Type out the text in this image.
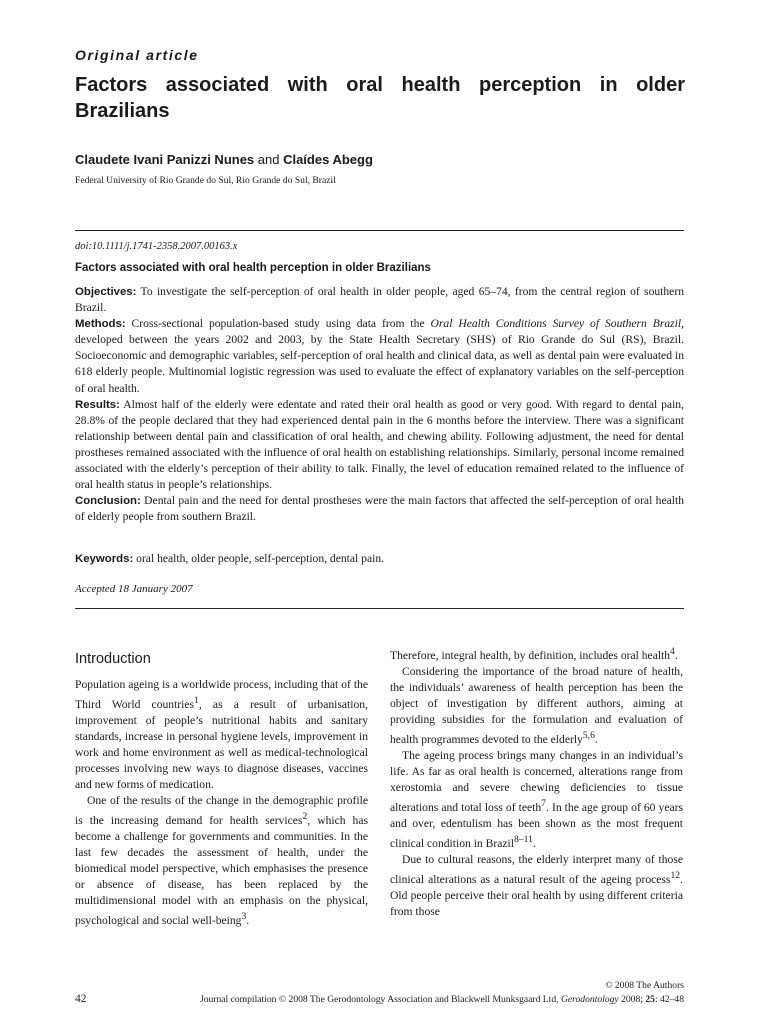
Original article
Factors associated with oral health perception in older Brazilians
Claudete Ivani Panizzi Nunes and Claídes Abegg
Federal University of Rio Grande do Sul, Rio Grande do Sul, Brazil
doi:10.1111/j.1741-2358.2007.00163.x
Factors associated with oral health perception in older Brazilians

Objectives: To investigate the self-perception of oral health in older people, aged 65–74, from the central region of southern Brazil.

Methods: Cross-sectional population-based study using data from the Oral Health Conditions Survey of Southern Brazil, developed between the years 2002 and 2003, by the State Health Secretary (SHS) of Rio Grande do Sul (RS), Brazil. Socioeconomic and demographic variables, self-perception of oral health and clinical data, as well as dental pain were evaluated in 618 elderly people. Multinomial logistic regression was used to evaluate the effect of explanatory variables on the self-perception of oral health.

Results: Almost half of the elderly were edentate and rated their oral health as good or very good. With regard to dental pain, 28.8% of the people declared that they had experienced dental pain in the 6 months before the interview. There was a significant relationship between dental pain and classification of oral health, and chewing ability. Following adjustment, the need for dental prostheses remained associated with the influence of oral health on establishing relationships. Similarly, personal income remained associated with the elderly’s perception of their ability to talk. Finally, the level of education remained related to the influence of oral health status in people’s relationships.

Conclusion: Dental pain and the need for dental prostheses were the main factors that affected the self-perception of oral health of elderly people from southern Brazil.

Keywords: oral health, older people, self-perception, dental pain.
Accepted 18 January 2007
Introduction

Population ageing is a worldwide process, including that of the Third World countries$^1$, as a result of urbanisation, improvement of people’s nutritional habits and sanitary standards, increase in personal hygiene levels, improvement in work and home environment as well as medical-technological processes involving new ways to diagnose diseases, vaccines and new forms of medication.

One of the results of the change in the demographic profile is the increasing demand for health services$^2$, which has become a challenge for governments and communities. In the last few decades the assessment of health, under the biomedical model perspective, which emphasises the presence or absence of disease, has been replaced by the multidimensional model with an emphasis on the physical, psychological and social well-being$^3$.

Therefore, integral health, by definition, includes oral health$^4$.

Considering the importance of the broad nature of health, the individuals’ awareness of health perception has been the object of investigation by different authors, aiming at providing subsidies for the formulation and evaluation of health programmes devoted to the elderly$^{5,6}$.

The ageing process brings many changes in an individual’s life. As far as oral health is concerned, alterations range from xerostomia and severe chewing deficiencies to tissue alterations and total loss of teeth$^7$. In the age group of 60 years and over, edentulism has been shown as the most frequent clinical condition in Brazil$^{8-11}$.

Due to cultural reasons, the elderly interpret many of those clinical alterations as a natural result of the ageing process$^{12}$. Old people perceive their oral health by using different criteria from those

© 2008 The Authors
42	Journal compilation © 2008 The Gerodontology Association and Blackwell Munksgaard Ltd, Gerodontology 2008; 25: 42–48
